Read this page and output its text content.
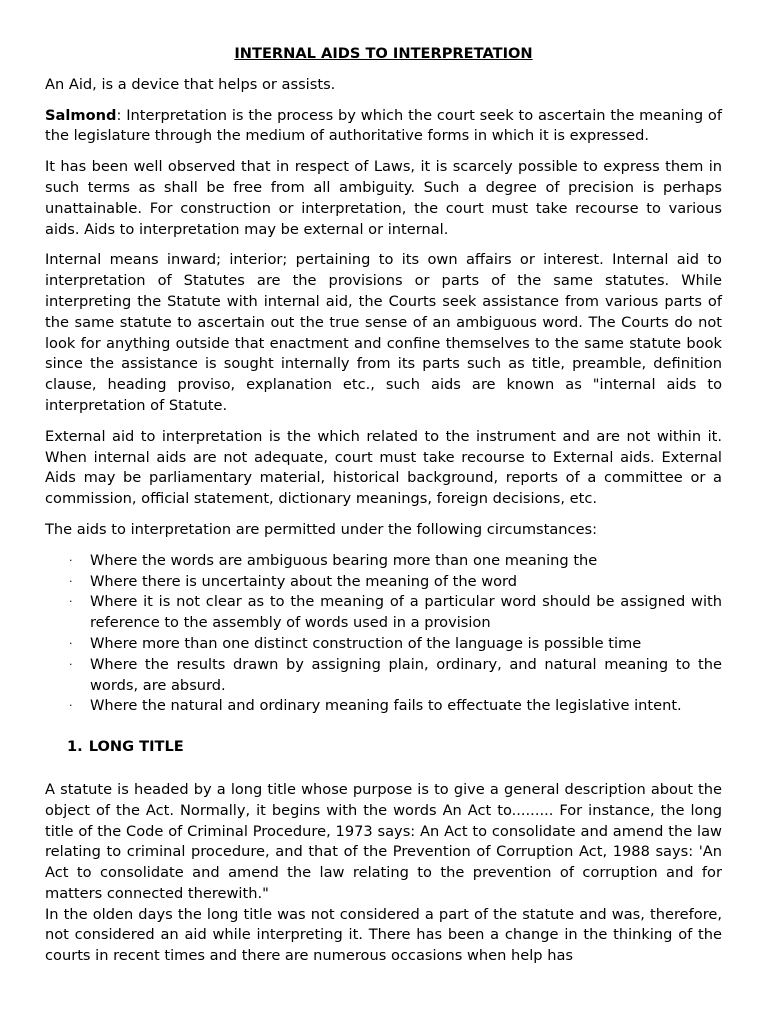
INTERNAL AIDS TO INTERPRETATION

An Aid, is a device that helps or assists.

Salmond: Interpretation is the process by which the court seek to ascertain the meaning of the legislature through the medium of authoritative forms in which it is expressed.

It has been well observed that in respect of Laws, it is scarcely possible to express them in such terms as shall be free from all ambiguity. Such a degree of precision is perhaps unattainable. For construction or interpretation, the court must take recourse to various aids. Aids to interpretation may be external or internal.

Internal means inward; interior; pertaining to its own affairs or interest. Internal aid to interpretation of Statutes are the provisions or parts of the same statutes. While interpreting the Statute with internal aid, the Courts seek assistance from various parts of the same statute to ascertain out the true sense of an ambiguous word. The Courts do not look for anything outside that enactment and confine themselves to the same statute book since the assistance is sought internally from its parts such as title, preamble, definition clause, heading proviso, explanation etc., such aids are known as "internal aids to interpretation of Statute.

External aid to interpretation is the which related to the instrument and are not within it. When internal aids are not adequate, court must take recourse to External aids. External Aids may be parliamentary material, historical background, reports of a committee or a commission, official statement, dictionary meanings, foreign decisions, etc.

The aids to interpretation are permitted under the following circumstances:

· Where the words are ambiguous bearing more than one meaning the
· Where there is uncertainty about the meaning of the word
· Where it is not clear as to the meaning of a particular word should be assigned with reference to the assembly of words used in a provision
· Where more than one distinct construction of the language is possible time
· Where the results drawn by assigning plain, ordinary, and natural meaning to the words, are absurd.
· Where the natural and ordinary meaning fails to effectuate the legislative intent.
1. LONG TITLE

A statute is headed by a long title whose purpose is to give a general description about the object of the Act. Normally, it begins with the words An Act to......... For instance, the long title of the Code of Criminal Procedure, 1973 says: An Act to consolidate and amend the law relating to criminal procedure, and that of the Prevention of Corruption Act, 1988 says: 'An Act to consolidate and amend the law relating to the prevention of corruption and for matters connected therewith."

In the olden days the long title was not considered a part of the statute and was, therefore, not considered an aid while interpreting it. There has been a change in the thinking of the courts in recent times and there are numerous occasions when help has
